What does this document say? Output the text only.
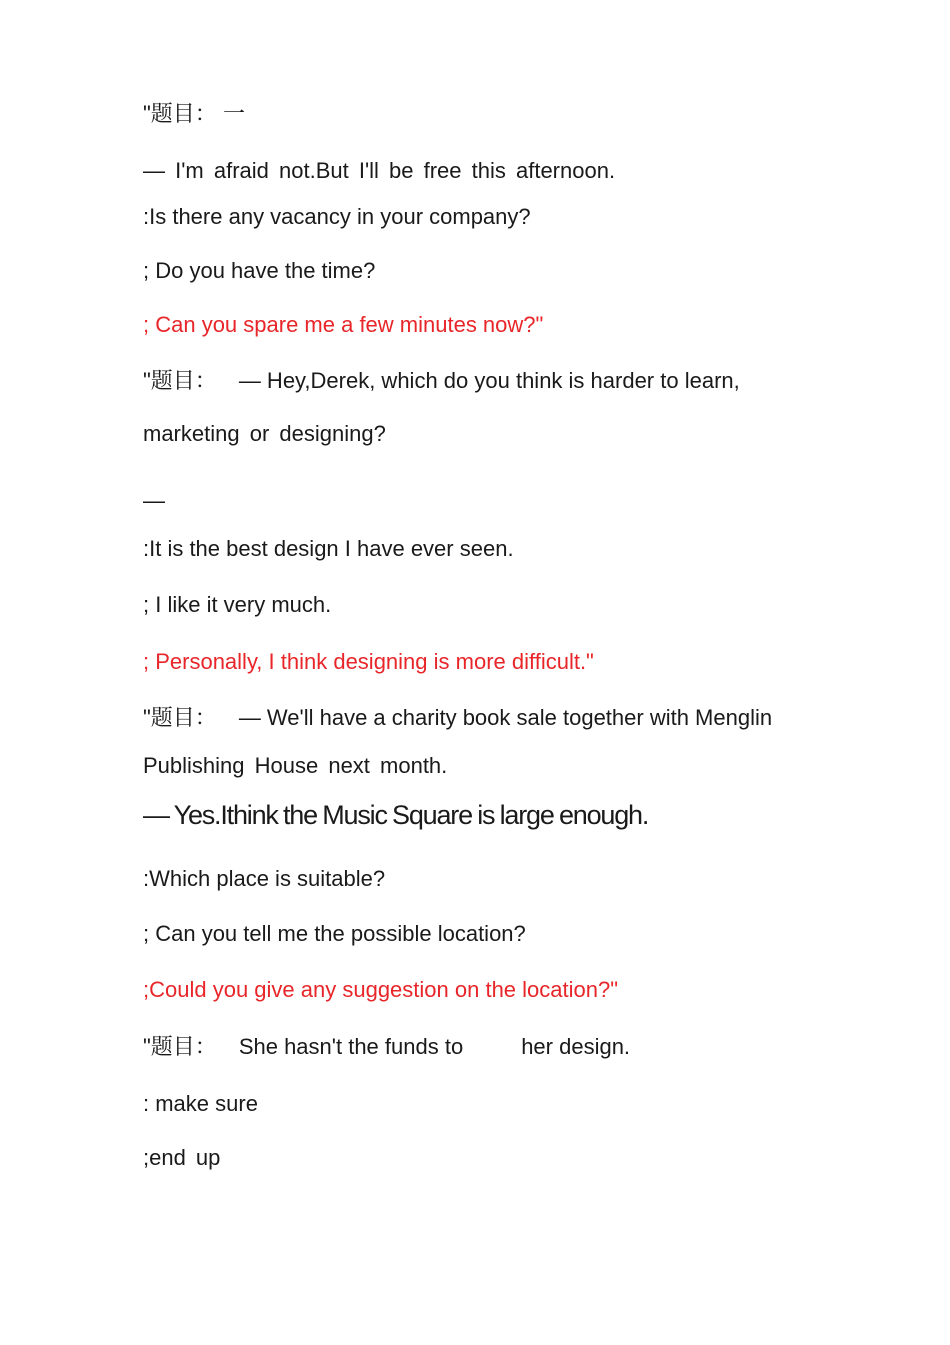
"题目： 一

— I'm afraid not.But I'll be free this afternoon.

:Is there any vacancy in your company?

; Do you have the time?

; Can you spare me a few minutes now?"

"题目： — Hey,Derek, which do you think is harder to learn,

marketing or designing?

—

:It is the best design I have ever seen.

; I like it very much.

; Personally, I think designing is more difficult."

"题目： — We'll have a charity book sale together with Menglin

Publishing House next month.

— Yes.Ithink the Music Square is large enough.

:Which place is suitable?

; Can you tell me the possible location?

;Could you give any suggestion on the location?"

"题目： She hasn't the funds to	her design.

: make sure

;end up
